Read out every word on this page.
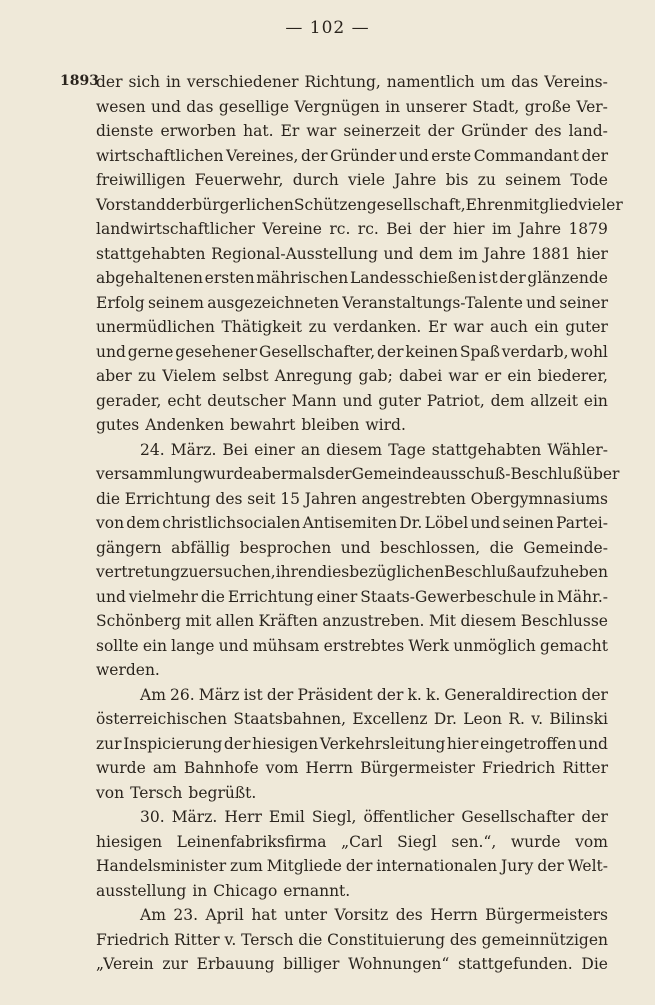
— 102 —
1893
der sich in verschiedener Richtung, namentlich um das Vereins-
wesen und das gesellige Vergnügen in unserer Stadt, große Ver-
dienste erworben hat. Er war seinerzeit der Gründer des land-
wirtschaftlichen Vereines, der Gründer und erste Commandant der
freiwilligen Feuerwehr, durch viele Jahre bis zu seinem Tode
Vorstand der bürgerlichen Schützengesellschaft, Ehrenmitglied vieler
landwirtschaftlicher Vereine rc. rc. Bei der hier im Jahre 1879
stattgehabten Regional-Ausstellung und dem im Jahre 1881 hier
abgehaltenen ersten mährischen Landesschießen ist der glänzende
Erfolg seinem ausgezeichneten Veranstaltungs-Talente und seiner
unermüdlichen Thätigkeit zu verdanken. Er war auch ein guter
und gerne gesehener Gesellschafter, der keinen Spaß verdarb, wohl
aber zu Vielem selbst Anregung gab; dabei war er ein biederer,
gerader, echt deutscher Mann und guter Patriot, dem allzeit ein
gutes Andenken bewahrt bleiben wird.
24. März. Bei einer an diesem Tage stattgehabten Wähler-
versammlung wurde abermals der Gemeindeausschuß-Beschluß über
die Errichtung des seit 15 Jahren angestrebten Obergymnasiums
von dem christlichsocialen Antisemiten Dr. Löbel und seinen Partei-
gängern abfällig besprochen und beschlossen, die Gemeinde-
vertretung zu ersuchen, ihren diesbezüglichen Beschluß aufzuheben
und vielmehr die Errichtung einer Staats-Gewerbeschule in Mähr.-
Schönberg mit allen Kräften anzustreben. Mit diesem Beschlusse
sollte ein lange und mühsam erstrebtes Werk unmöglich gemacht
werden.
Am 26. März ist der Präsident der k. k. Generaldirection der
österreichischen Staatsbahnen, Excellenz Dr. Leon R. v. Bilinski
zur Inspicierung der hiesigen Verkehrsleitung hier eingetroffen und
wurde am Bahnhofe vom Herrn Bürgermeister Friedrich Ritter
von Tersch begrüßt.
30. März. Herr Emil Siegl, öffentlicher Gesellschafter der
hiesigen Leinenfabriksfirma „Carl Siegl sen.“, wurde vom
Handelsminister zum Mitgliede der internationalen Jury der Welt-
ausstellung in Chicago ernannt.
Am 23. April hat unter Vorsitz des Herrn Bürgermeisters
Friedrich Ritter v. Tersch die Constituierung des gemeinnützigen
„Verein zur Erbauung billiger Wohnungen“ stattgefunden. Die
